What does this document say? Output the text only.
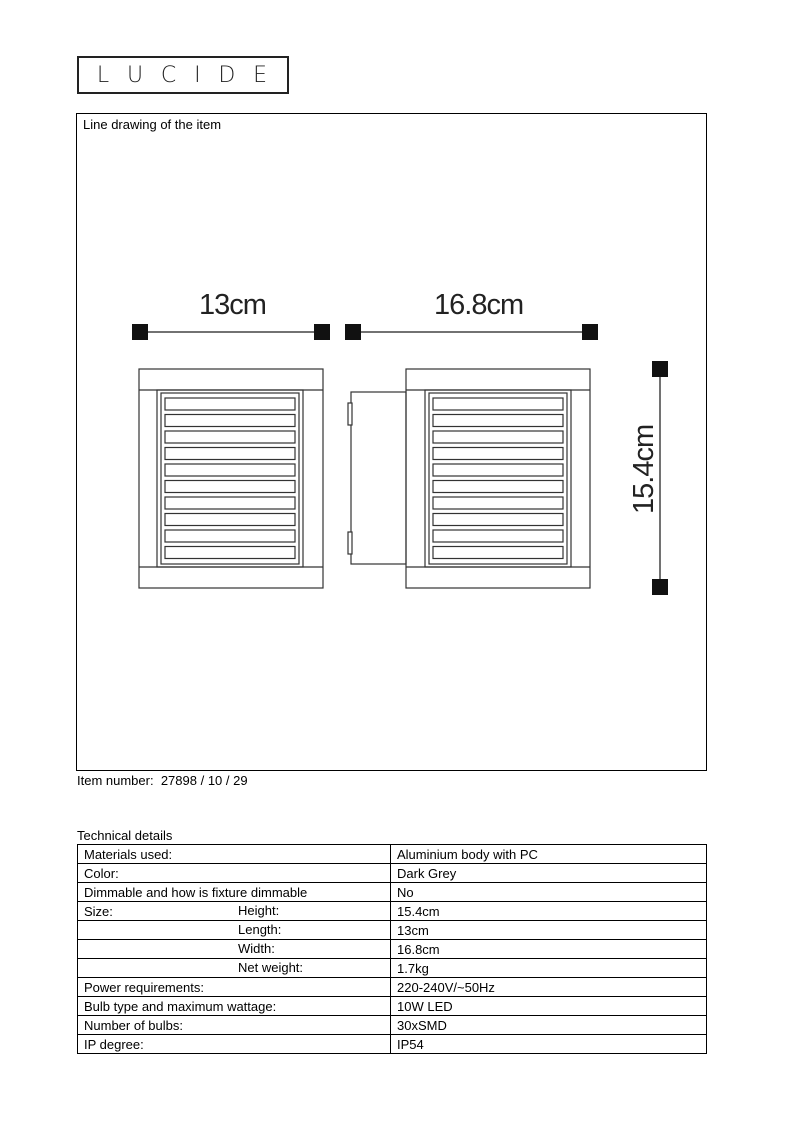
L U C I D E
Line drawing of the item
13cm	16.8cm
15.4cm
Item number: 27898 / 10 / 29
Technical details
Materials used:	Aluminium body with PC
Color:	Dark Grey
Dimmable and how is fixture dimmable	No
Size: Height:	15.4cm

Length:	13cm

Width:	16.8cm

Net weight:	1.7kg
Power requirements:	220-240V/~50Hz
Bulb type and maximum wattage:	10W LED
Number of bulbs:	30xSMD
IP degree:	IP54
